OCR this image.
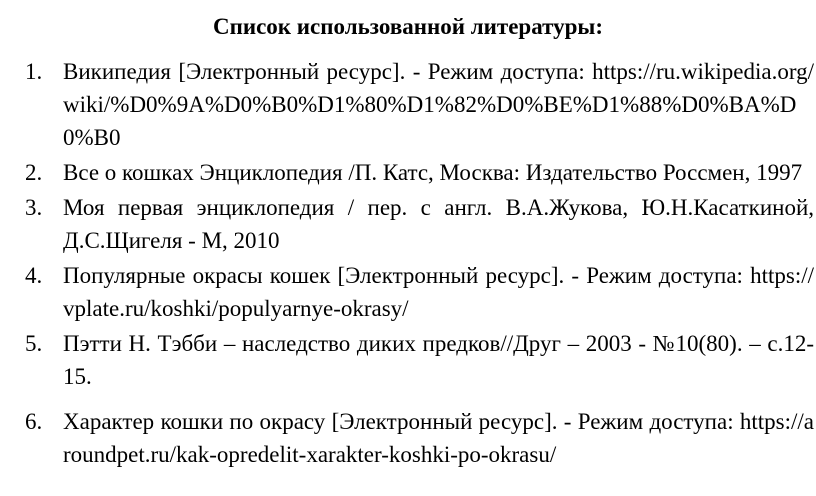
Список использованной литературы:
1. Википедия [Электронный ресурс]. - Режим доступа: https://ru.wikipedia.org/wiki/%D0%9A%D0%B0%D1%80%D1%82%D0%BE%D1%88%D0%BA%D0%B0
2. Все о кошках Энциклопедия /П. Катс, Москва: Издательство Россмен, 1997
3. Моя первая энциклопедия / пер. с англ. В.А.Жукова, Ю.Н.Касаткиной, Д.С.Щигеля - М, 2010
4. Популярные окрасы кошек [Электронный ресурс]. - Режим доступа: https://vplate.ru/koshki/populyarnye-okrasy/
5. Пэтти Н. Тэбби – наследство диких предков//Друг – 2003 - №10(80). – с.12-15.
6. Характер кошки по окрасу [Электронный ресурс]. - Режим доступа: https://aroundpet.ru/kak-opredelit-xarakter-koshki-po-okrasu/
